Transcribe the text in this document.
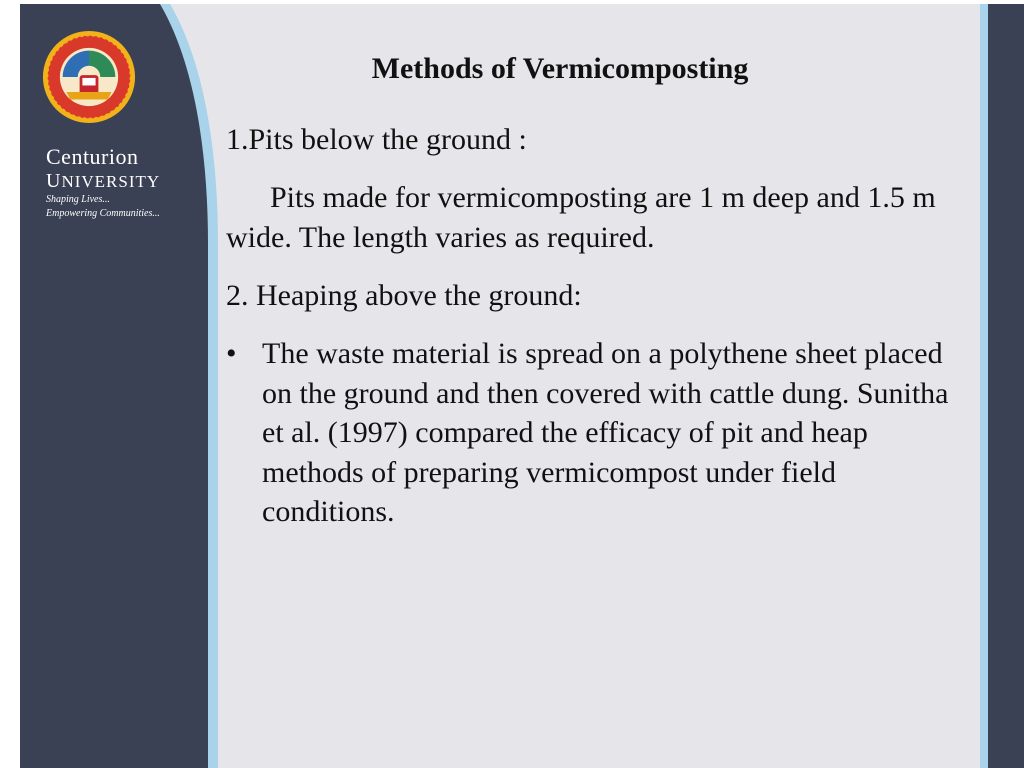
Centurion

UNIVERSITY

Shaping Lives...

Empowering Communities...

Methods of Vermicomposting

1.Pits below the ground :

Pits made for vermicomposting are 1 m deep and 1.5 m wide. The length varies as required.

2. Heaping above the ground:

• The waste material is spread on a polythene sheet placed on the ground and then covered with cattle dung. Sunitha et al. (1997) compared the efficacy of pit and heap methods of preparing vermicompost under field conditions.
